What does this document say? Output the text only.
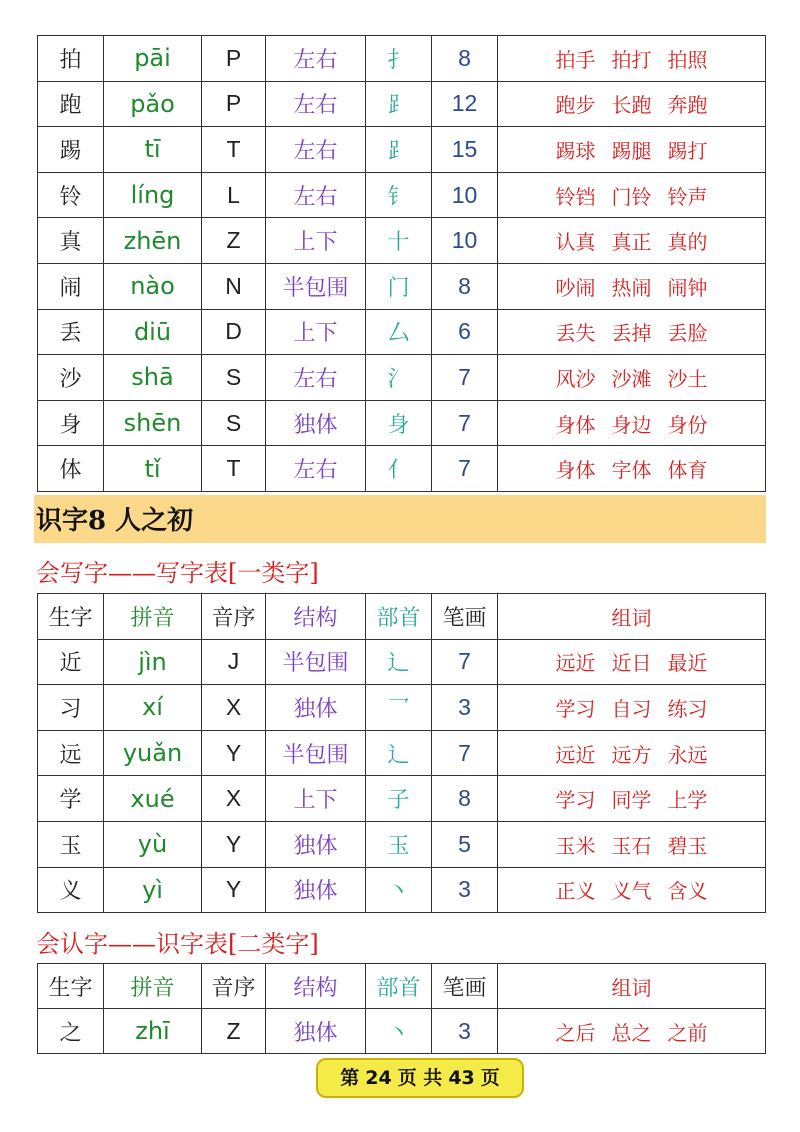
拍	pāi	P	左右	扌	8	拍手 拍打 拍照
跑	pǎo	P	左右	⻊	12	跑步 长跑 奔跑
踢	tī	T	左右	⻊	15	踢球 踢腿 踢打
铃	líng	L	左右	钅	10	铃铛 门铃 铃声
真	zhēn	Z	上下	十	10	认真 真正 真的
闹	nào	N	半包围	门	8	吵闹 热闹 闹钟
丢	diū	D	上下	厶	6	丢失 丢掉 丢脸
沙	shā	S	左右	氵	7	风沙 沙滩 沙土
身	shēn	S	独体	身	7	身体 身边 身份
体	tǐ	T	左右	亻	7	身体 字体 体育
识字8 人之初
会写字——写字表[一类字]
生字	拼音	音序	结构	部首	笔画	组词
近	jìn	J	半包围	辶	7	远近 近日 最近
习	xí	X	独体	乛	3	学习 自习 练习
远	yuǎn	Y	半包围	辶	7	远近 远方 永远
学	xué	X	上下	子	8	学习 同学 上学
玉	yù	Y	独体	玉	5	玉米 玉石 碧玉
义	yì	Y	独体	丶	3	正义 义气 含义
会认字——识字表[二类字]
生字	拼音	音序	结构	部首	笔画	组词
之	zhī	Z	独体	丶	3	之后 总之 之前
第 24 页 共 43 页
